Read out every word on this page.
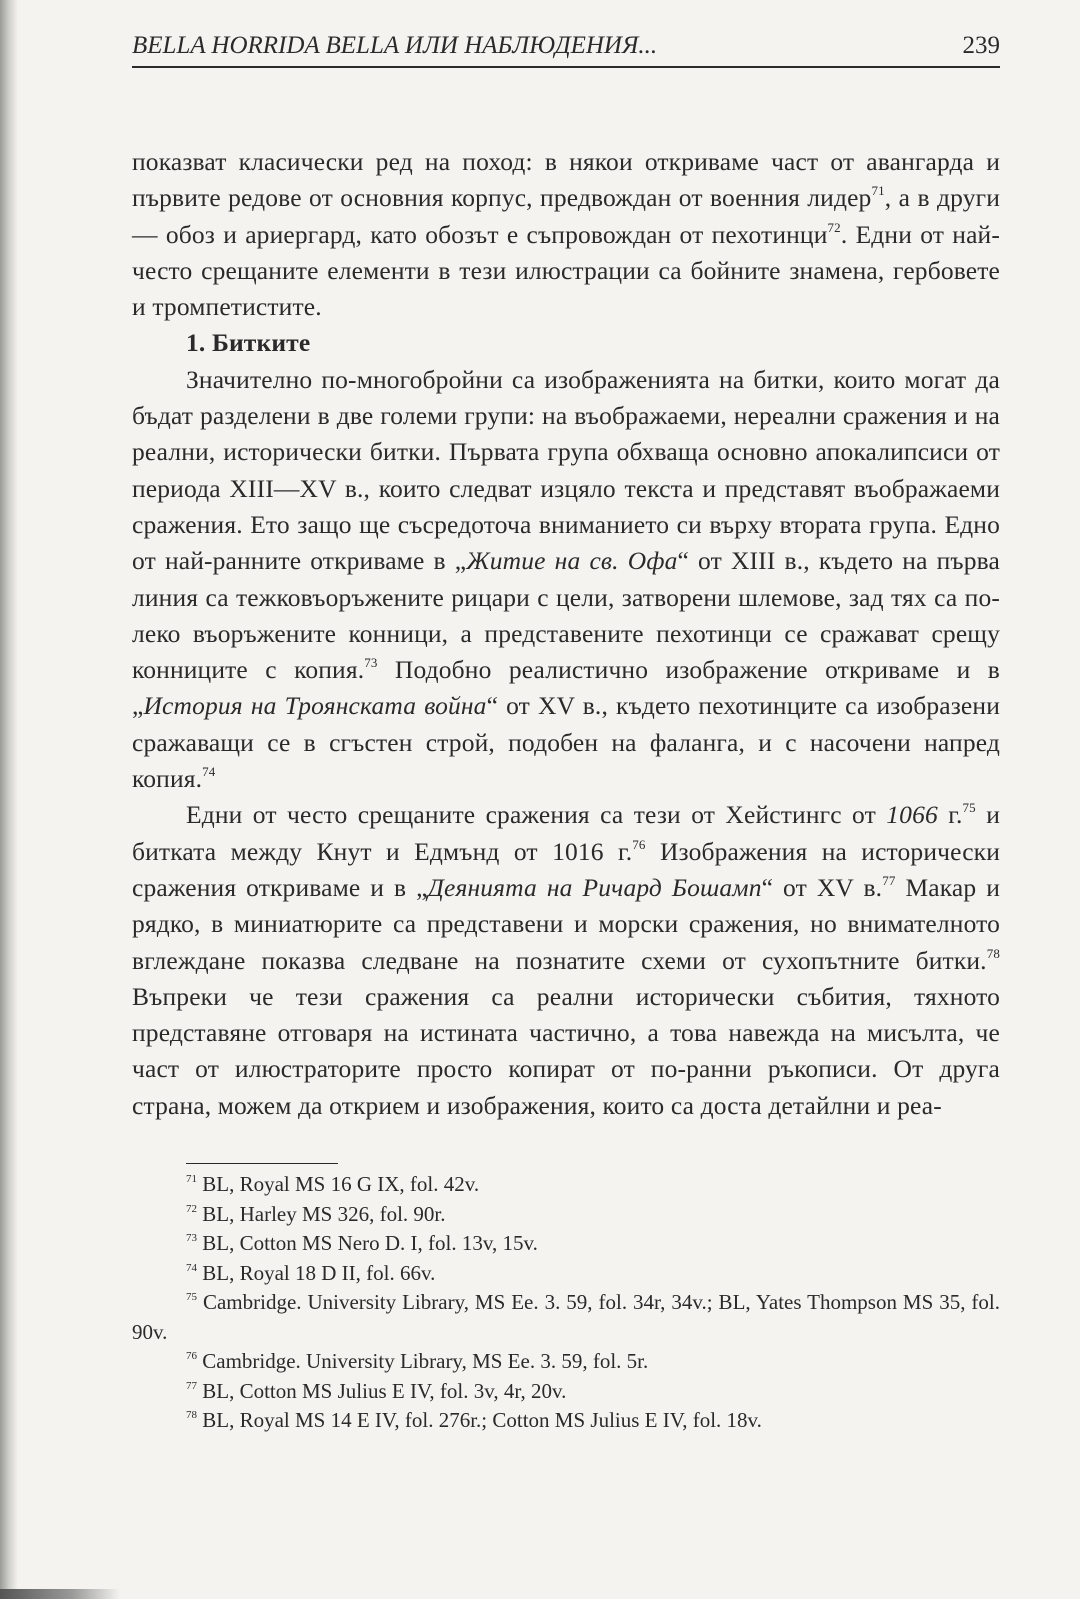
BELLA HORRIDA BELLA ИЛИ НАБЛЮДЕНИЯ...	239

показват класически ред на поход: в някои откриваме част от авангарда и първите редове от основния корпус, предвождан от военния лидер$^{71}$, а в други — обоз и ариергард, като обозът е съпровождан от пехотинци$^{72}$. Едни от най-често срещаните елементи в тези илюстрации са бойните знамена, гербовете и тромпетистите.

1. Битките

Значително по-многобройни са изображенията на битки, които могат да бъдат разделени в две големи групи: на въображаеми, нереални сражения и на реални, исторически битки. Първата група обхваща основно апокалипсиси от периода XIII—XV в., които следват изцяло текста и представят въображаеми сражения. Ето защо ще съсредоточа вниманието си върху втората група. Едно от най-ранните откриваме в „Житие на св. Офа“ от XIII в., където на първа линия са тежковъоръжените рицари с цели, затворени шлемове, зад тях са по-леко въоръжените конници, а представените пехотинци се сражават срещу конниците с копия.$^{73}$ Подобно реалистично изображение откриваме и в „История на Троянската война“ от XV в., където пехотинците са изобразени сражаващи се в сгъстен строй, подобен на фаланга, и с насочени напред копия.$^{74}$

Едни от често срещаните сражения са тези от Хейстингс от 1066 г.$^{75}$ и битката между Кнут и Едмънд от 1016 г.$^{76}$ Изображения на исторически сражения откриваме и в „Деянията на Ричард Бошамп“ от XV в.$^{77}$ Макар и рядко, в миниатюрите са представени и морски сражения, но внимателното вглеждане показва следване на познатите схеми от сухопътните битки.$^{78}$ Въпреки че тези сражения са реални исторически събития, тяхното представяне отговаря на истината частично, а това навежда на мисълта, че част от илюстраторите просто копират от по-ранни ръкописи. От друга страна, можем да открием и изображения, които са доста детайлни и реа-

$^{71}$ BL, Royal MS 16 G IX, fol. 42v.

$^{72}$ BL, Harley MS 326, fol. 90r.

$^{73}$ BL, Cotton MS Nero D. I, fol. 13v, 15v.

$^{74}$ BL, Royal 18 D II, fol. 66v.

$^{75}$ Cambridge. University Library, MS Ee. 3. 59, fol. 34r, 34v.; BL, Yates Thompson MS 35, fol. 90v.

$^{76}$ Cambridge. University Library, MS Ee. 3. 59, fol. 5r.

$^{77}$ BL, Cotton MS Julius E IV, fol. 3v, 4r, 20v.

$^{78}$ BL, Royal MS 14 E IV, fol. 276r.; Cotton MS Julius E IV, fol. 18v.
